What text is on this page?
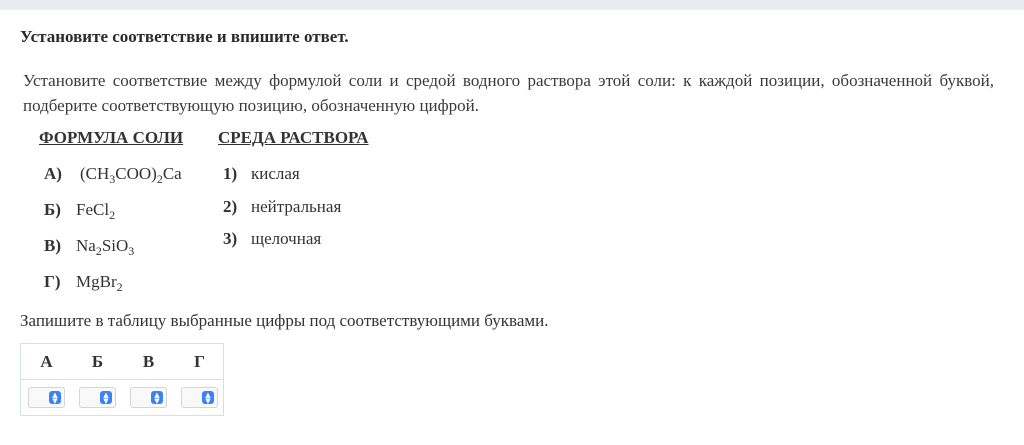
Установите соответствие и впишите ответ.
Установите соответствие между формулой соли и средой водного раствора этой соли: к каждой позиции, обозначенной буквой, подберите соответствующую позицию, обозначенную цифрой.
ФОРМУЛА СОЛИ СРЕДА РАСТВОРА
А) $(CH_3COO)_2Ca$
Б) FeCl$_2$
В) $Na_2SiO_3$
Г) MgBr$_2$
1) кислая
2) нейтральная
3) щелочная
Запишите в таблицу выбранные цифры под соответствующими буквами.
А	Б	В	Г
▲
▼
▲
▼
▲
▼
▲
▼
